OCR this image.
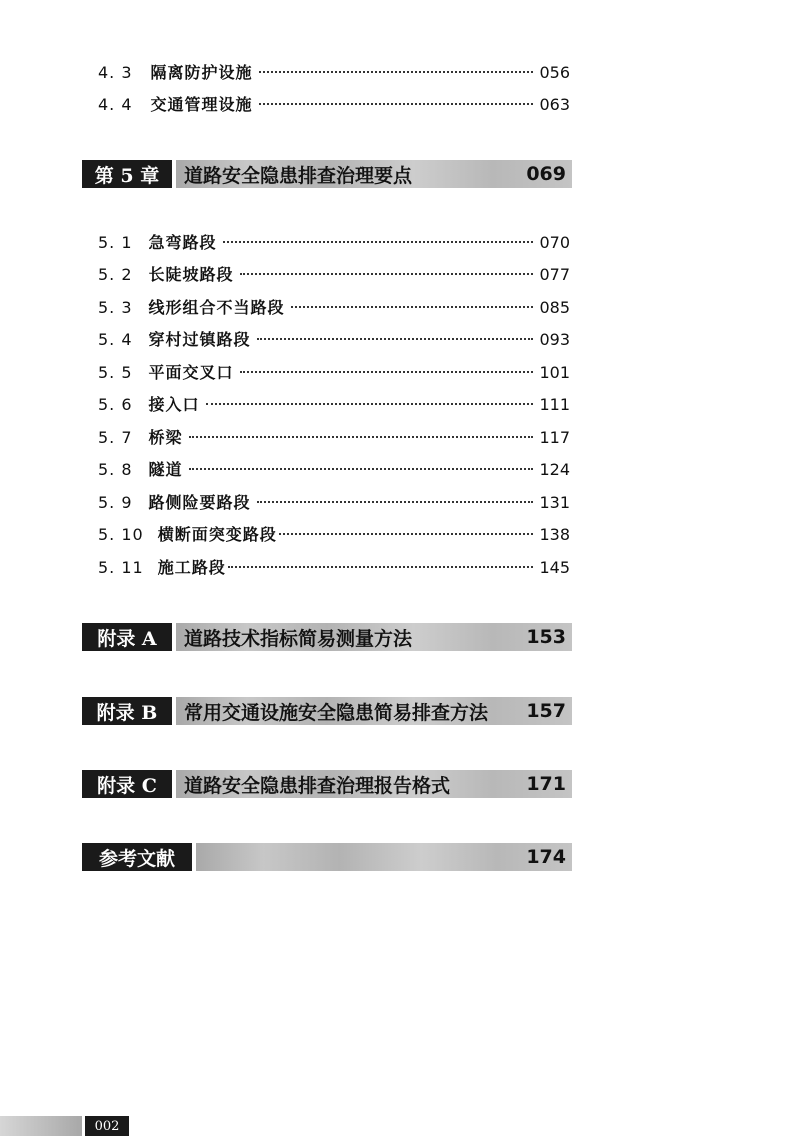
4. 3 隔离防护设施	056
4. 4 交通管理设施	063
第 5 章	道路安全隐患排查治理要点	069
5. 1 急弯路段	070
5. 2 长陡坡路段	077
5. 3 线形组合不当路段	085
5. 4 穿村过镇路段	093
5. 5 平面交叉口	101
5. 6 接入口	111
5. 7 桥梁	117
5. 8 隧道	124
5. 9 路侧险要路段	131
5. 10 横断面突变路段	138
5. 11 施工路段	145
附录 A	道路技术指标简易测量方法	153
附录 B	常用交通设施安全隐患简易排查方法 157
附录 C	道路安全隐患排查治理报告格式	171
参考文献	174
002
